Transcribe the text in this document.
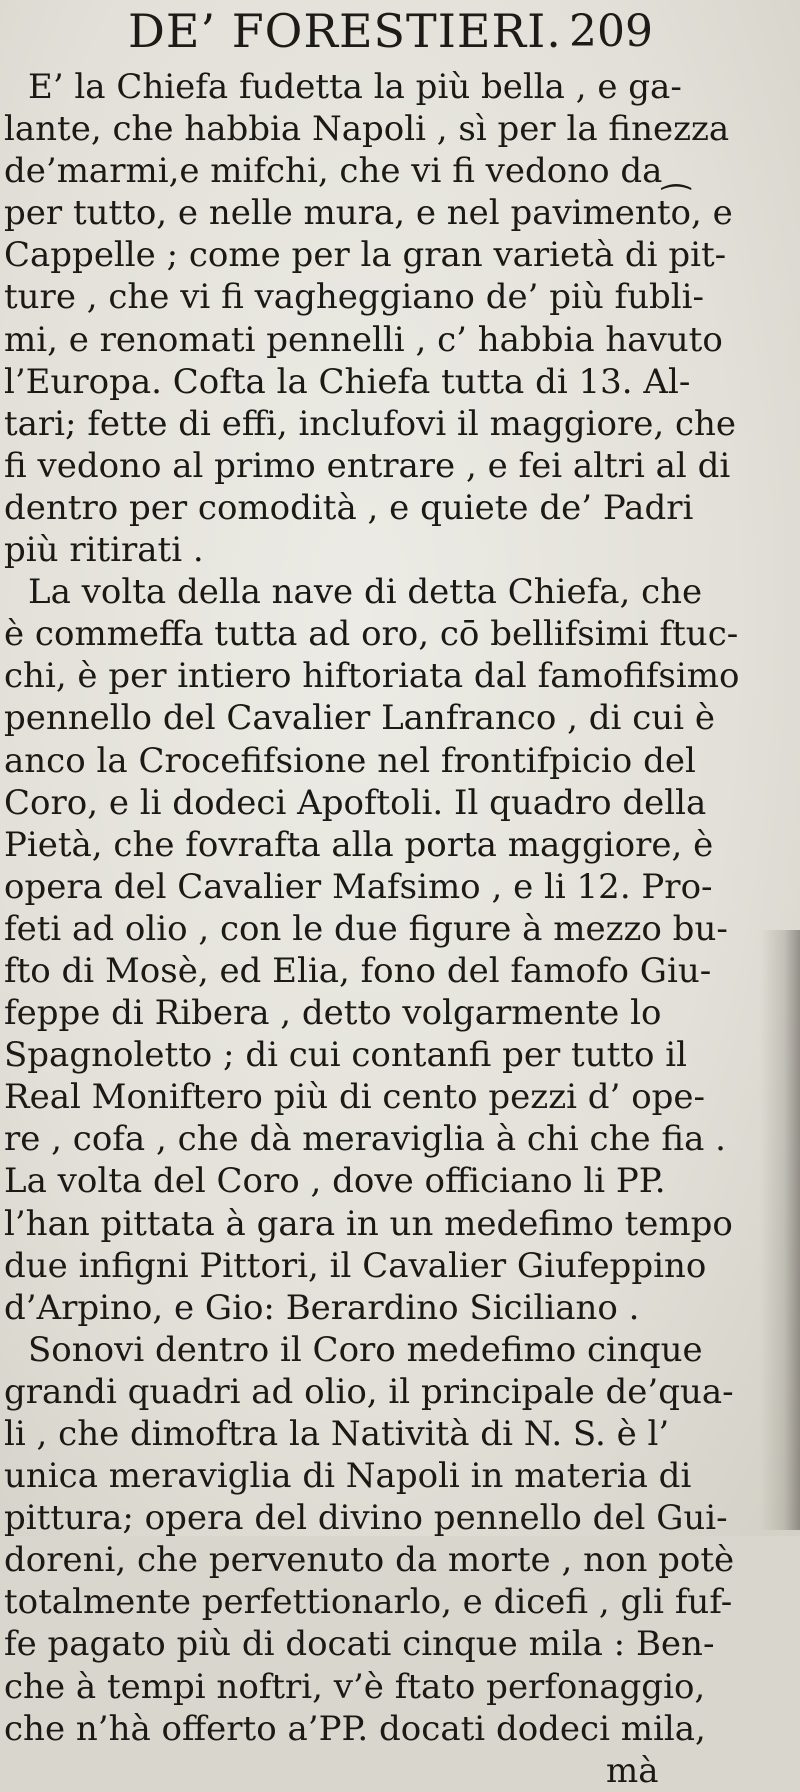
DE’ FORESTIERI. 209
E’ la Chiefa fudetta la più bella , e ga-
lante, che habbia Napoli , sì per la finezza
de’marmi,e mifchi, che vi fi vedono da⁔
per tutto, e nelle mura, e nel pavimento, e
Cappelle ; come per la gran varietà di pit-
ture , che vi fi vagheggiano de’ più fubli-
mi, e renomati pennelli , c’ habbia havuto
l’Europa. Cofta la Chiefa tutta di 13. Al-
tari; fette di effi, inclufovi il maggiore, che
fi vedono al primo entrare , e fei altri al di
dentro per comodità , e quiete de’ Padri
più ritirati .
La volta della nave di detta Chiefa, che
è commeffa tutta ad oro, cō bellifsimi ftuc-
chi, è per intiero hiftoriata dal famofifsimo
pennello del Cavalier Lanfranco , di cui è
anco la Crocefifsione nel frontifpicio del
Coro, e li dodeci Apoftoli. Il quadro della
Pietà, che fovrafta alla porta maggiore, è
opera del Cavalier Mafsimo , e li 12. Pro-
feti ad olio , con le due figure à mezzo bu-
fto di Mosè, ed Elia, fono del famofo Giu-
feppe di Ribera , detto volgarmente lo
Spagnoletto ; di cui contanfi per tutto il
Real Moniftero più di cento pezzi d’ ope-
re , cofa , che dà meraviglia à chi che fia .
La volta del Coro , dove officiano li PP.
l’han pittata à gara in un medefimo tempo
due infigni Pittori, il Cavalier Giufeppino
d’Arpino, e Gio: Berardino Siciliano .
Sonovi dentro il Coro medefimo cinque
grandi quadri ad olio, il principale de’qua-
li , che dimoftra la Natività di N. S. è l’
unica meraviglia di Napoli in materia di
pittura; opera del divino pennello del Gui-
doreni, che pervenuto da morte , non potè
totalmente perfettionarlo, e dicefi , gli fuf-
fe pagato più di docati cinque mila : Ben-
che à tempi noftri, v’è ftato perfonaggio,
che n’hà offerto a’PP. docati dodeci mila,
mà
